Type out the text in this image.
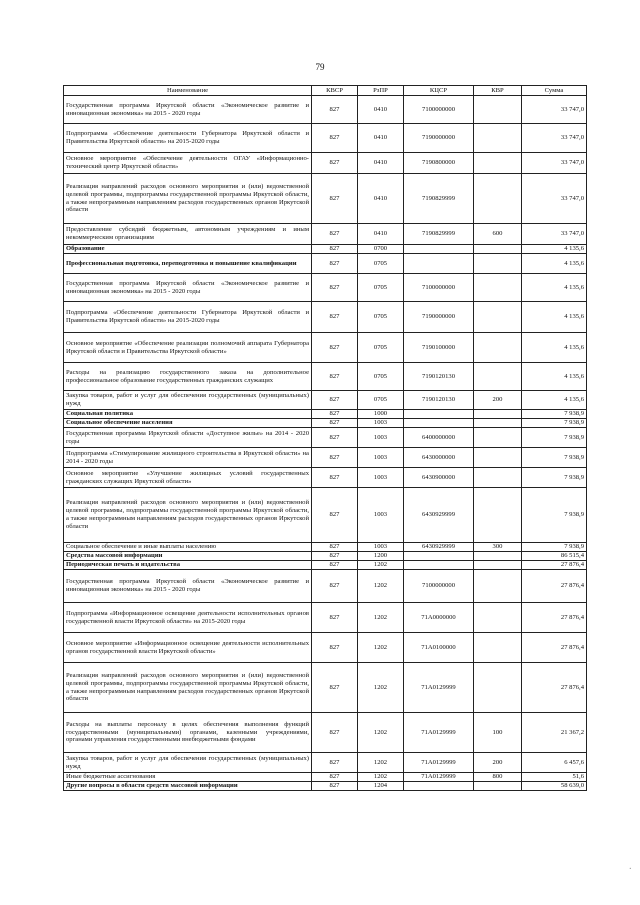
79
Наименование	КВСР	РзПР	КЦСР	КВР	Сумма
Государственная программа Иркутской области «Экономическое развитие и инновационная экономика» на 2015 - 2020 годы	827	0410	7100000000		33 747,0
Подпрограмма «Обеспечение деятельности Губернатора Иркутской области и Правительства Иркутской области» на 2015-2020 годы	827	0410	7190000000		33 747,0
Основное мероприятие «Обеспечение деятельности ОГАУ «Информационно-технический центр Иркутской области»	827	0410	7190800000		33 747,0
Реализация направлений расходов основного мероприятия и (или) ведомственной целевой программы, подпрограммы государственной программы Иркутской области, а также непрограммным направлениям расходов государственных органов Иркутской области	827	0410	7190829999		33 747,0
Предоставление субсидий бюджетным, автономным учреждениям и иным некоммерческим организациям	827	0410	7190829999	600	33 747,0
Образование	827	0700			4 135,6
Профессиональная подготовка, переподготовка и повышение квалификации	827	0705			4 135,6
Государственная программа Иркутской области «Экономическое развитие и инновационная экономика» на 2015 - 2020 годы	827	0705	7100000000		4 135,6
Подпрограмма «Обеспечение деятельности Губернатора Иркутской области и Правительства Иркутской области» на 2015-2020 годы	827	0705	7190000000		4 135,6
Основное мероприятие «Обеспечение реализации полномочий аппарата Губернатора Иркутской области и Правительства Иркутской области»	827	0705	7190100000		4 135,6
Расходы на реализацию государственного заказа на дополнительное профессиональное образование государственных гражданских служащих	827	0705	7190120130		4 135,6
Закупка товаров, работ и услуг для обеспечения государственных (муниципальных) нужд	827	0705	7190120130	200	4 135,6
Социальная политика	827	1000			7 938,9
Социальное обеспечение населения	827	1003			7 938,9
Государственная программа Иркутской области «Доступное жилье» на 2014 - 2020 годы	827	1003	6400000000		7 938,9
Подпрограмма «Стимулирование жилищного строительства в Иркутской области» на 2014 - 2020 годы	827	1003	6430000000		7 938,9
Основное мероприятие «Улучшение жилищных условий государственных гражданских служащих Иркутской области»	827	1003	6430900000		7 938,9
Реализация направлений расходов основного мероприятия и (или) ведомственной целевой программы, подпрограммы государственной программы Иркутской области, а также непрограммным направлениям расходов государственных органов Иркутской области	827	1003	6430929999		7 938,9
Социальное обеспечение и иные выплаты населению	827	1003	6430929999	300	7 938,9
Средства массовой информации	827	1200			86 515,4
Периодическая печать и издательства	827	1202			27 876,4
Государственная программа Иркутской области «Экономическое развитие и инновационная экономика» на 2015 - 2020 годы	827	1202	7100000000		27 876,4
Подпрограмма «Информационное освещение деятельности исполнительных органов государственной власти Иркутской области» на 2015-2020 годы	827	1202	71А0000000		27 876,4
Основное мероприятие «Информационное освещение деятельности исполнительных органов государственной власти Иркутской области»	827	1202	71А0100000		27 876,4
Реализация направлений расходов основного мероприятия и (или) ведомственной целевой программы, подпрограммы государственной программы Иркутской области, а также непрограммным направлениям расходов государственных органов Иркутской области	827	1202	71А0129999		27 876,4
Расходы на выплаты персоналу в целях обеспечения выполнения функций государственными (муниципальными) органами, казенными учреждениями, органами управления государственными внебюджетными фондами	827	1202	71А0129999	100	21 367,2
Закупка товаров, работ и услуг для обеспечения государственных (муниципальных) нужд	827	1202	71А0129999	200	6 457,6
Иные бюджетные ассигнования	827	1202	71А0129999	800	51,6
Другие вопросы в области средств массовой информации	827	1204			58 639,0
·
